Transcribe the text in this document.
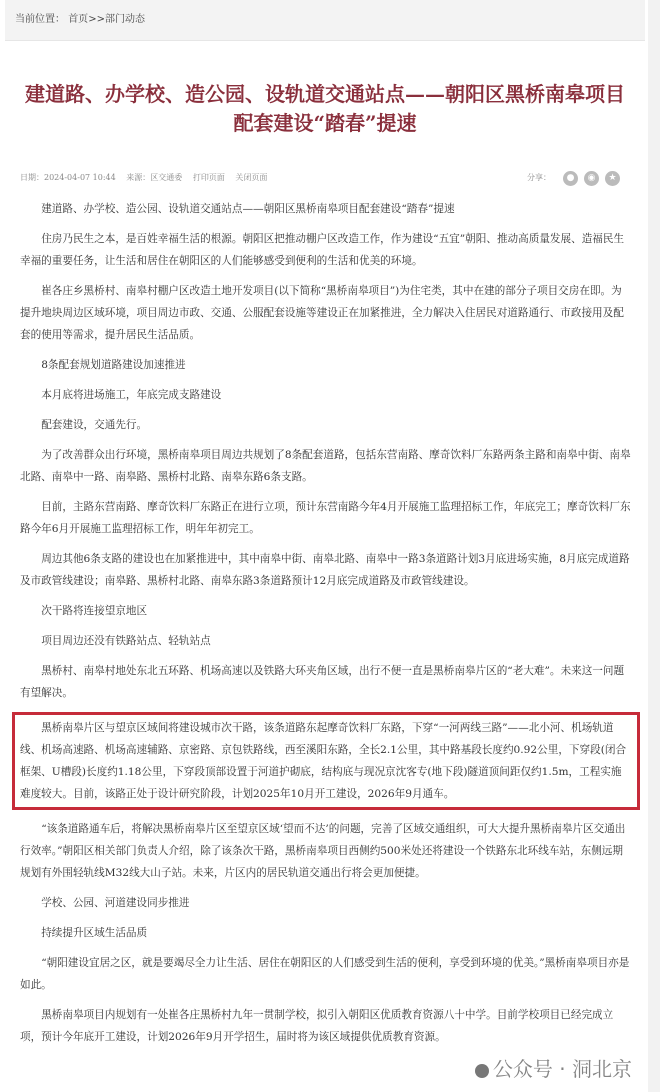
当前位置： 首页>>部门动态
建道路、办学校、造公园、设轨道交通站点——朝阳区黑桥南皋项目配套建设“踏春”提速
日期：2024-04-07 10:44 来源：区交通委 打印页面 关闭页面	分享：	●	◉	★

建道路、办学校、造公园、设轨道交通站点——朝阳区黑桥南皋项目配套建设“踏春”提速

住房乃民生之本，是百姓幸福生活的根源。朝阳区把推动棚户区改造工作，作为建设“五宜”朝阳、推动高质量发展、造福民生幸福的重要任务，让生活和居住在朝阳区的人们能够感受到便利的生活和优美的环境。

崔各庄乡黑桥村、南皋村棚户区改造土地开发项目(以下简称“黑桥南皋项目”)为住宅类，其中在建的部分子项目交房在即。为提升地块周边区域环境，项目周边市政、交通、公服配套设施等建设正在加紧推进，全力解决入住居民对道路通行、市政接用及配套的使用等需求，提升居民生活品质。

8条配套规划道路建设加速推进

本月底将进场施工，年底完成支路建设

配套建设，交通先行。

为了改善群众出行环境，黑桥南皋项目周边共规划了8条配套道路，包括东营南路、摩奇饮料厂东路两条主路和南皋中街、南皋北路、南皋中一路、南皋路、黑桥村北路、南皋东路6条支路。

目前，主路东营南路、摩奇饮料厂东路正在进行立项，预计东营南路今年4月开展施工监理招标工作，年底完工；摩奇饮料厂东路今年6月开展施工监理招标工作，明年年初完工。

周边其他6条支路的建设也在加紧推进中，其中南皋中街、南皋北路、南皋中一路3条道路计划3月底进场实施，8月底完成道路及市政管线建设；南皋路、黑桥村北路、南皋东路3条道路预计12月底完成道路及市政管线建设。

次干路将连接望京地区

项目周边还没有铁路站点、轻轨站点

黑桥村、南皋村地处东北五环路、机场高速以及铁路大环夹角区域，出行不便一直是黑桥南皋片区的“老大难”。未来这一问题有望解决。

黑桥南皋片区与望京区域间将建设城市次干路，该条道路东起摩奇饮料厂东路，下穿“一河两线三路”——北小河、机场轨道线、机场高速路、机场高速辅路、京密路、京包铁路线，西至溪阳东路，全长2.1公里，其中路基段长度约0.92公里，下穿段(闭合框架、U槽段)长度约1.18公里，下穿段顶部设置于河道护砌底，结构底与现况京沈客专(地下段)隧道顶间距仅约1.5m，工程实施难度较大。目前，该路正处于设计研究阶段，计划2025年10月开工建设，2026年9月通车。

“该条道路通车后，将解决黑桥南皋片区至望京区域‘望而不达’的问题，完善了区域交通组织，可大大提升黑桥南皋片区交通出行效率。”朝阳区相关部门负责人介绍，除了该条次干路，黑桥南皋项目西侧约500米处还将建设一个铁路东北环线车站，东侧远期规划有外围轻轨线M32线大山子站。未来，片区内的居民轨道交通出行将会更加便捷。

学校、公园、河道建设同步推进

持续提升区域生活品质

“朝阳建设宜居之区，就是要竭尽全力让生活、居住在朝阳区的人们感受到生活的便利，享受到环境的优美。”黑桥南皋项目亦是如此。

黑桥南皋项目内规划有一处崔各庄黑桥村九年一贯制学校，拟引入朝阳区优质教育资源八十中学。目前学校项目已经完成立项，预计今年底开工建设，计划2026年9月开学招生，届时将为该区域提供优质教育资源。

公众号 · 洞北京
